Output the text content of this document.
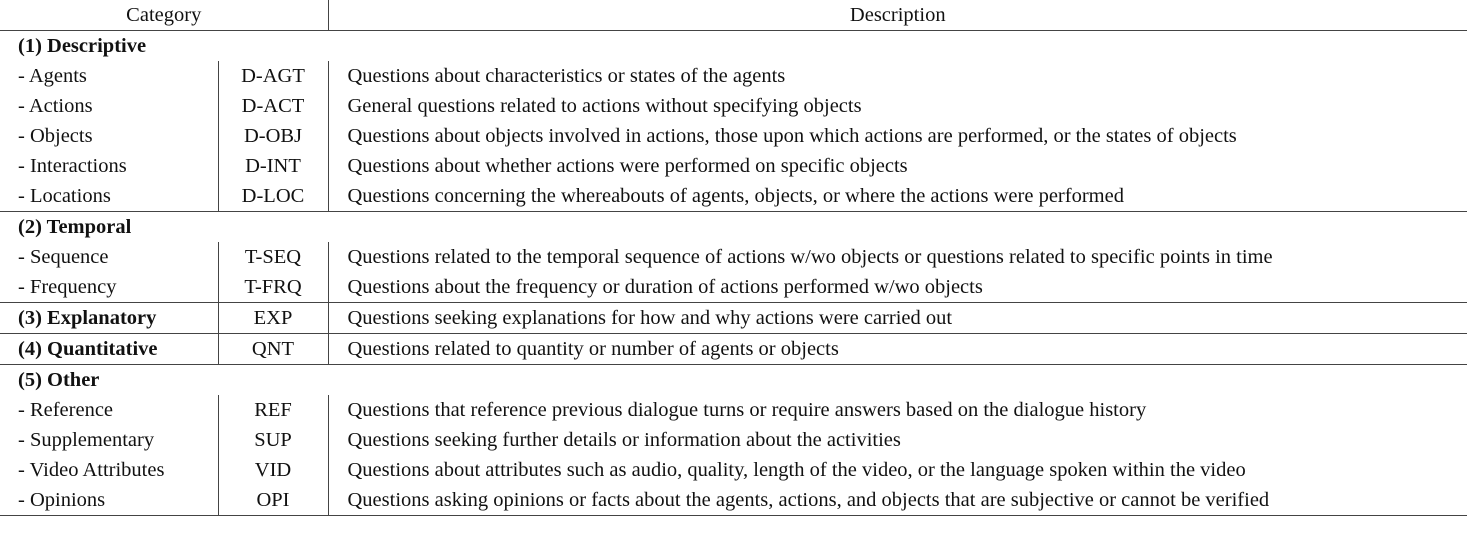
Category		Description
(1) Descriptive		
- Agents	D-AGT	Questions about characteristics or states of the agents
- Actions	D-ACT	General questions related to actions without specifying objects
- Objects	D-OBJ	Questions about objects involved in actions, those upon which actions are performed, or the states of objects
- Interactions	D-INT	Questions about whether actions were performed on specific objects
- Locations	D-LOC	Questions concerning the whereabouts of agents, objects, or where the actions were performed
(2) Temporal		
- Sequence	T-SEQ	Questions related to the temporal sequence of actions w/wo objects or questions related to specific points in time
- Frequency	T-FRQ	Questions about the frequency or duration of actions performed w/wo objects
(3) Explanatory	EXP	Questions seeking explanations for how and why actions were carried out
(4) Quantitative	QNT	Questions related to quantity or number of agents or objects
(5) Other		
- Reference	REF	Questions that reference previous dialogue turns or require answers based on the dialogue history
- Supplementary	SUP	Questions seeking further details or information about the activities
- Video Attributes	VID	Questions about attributes such as audio, quality, length of the video, or the language spoken within the video
- Opinions	OPI	Questions asking opinions or facts about the agents, actions, and objects that are subjective or cannot be verified
